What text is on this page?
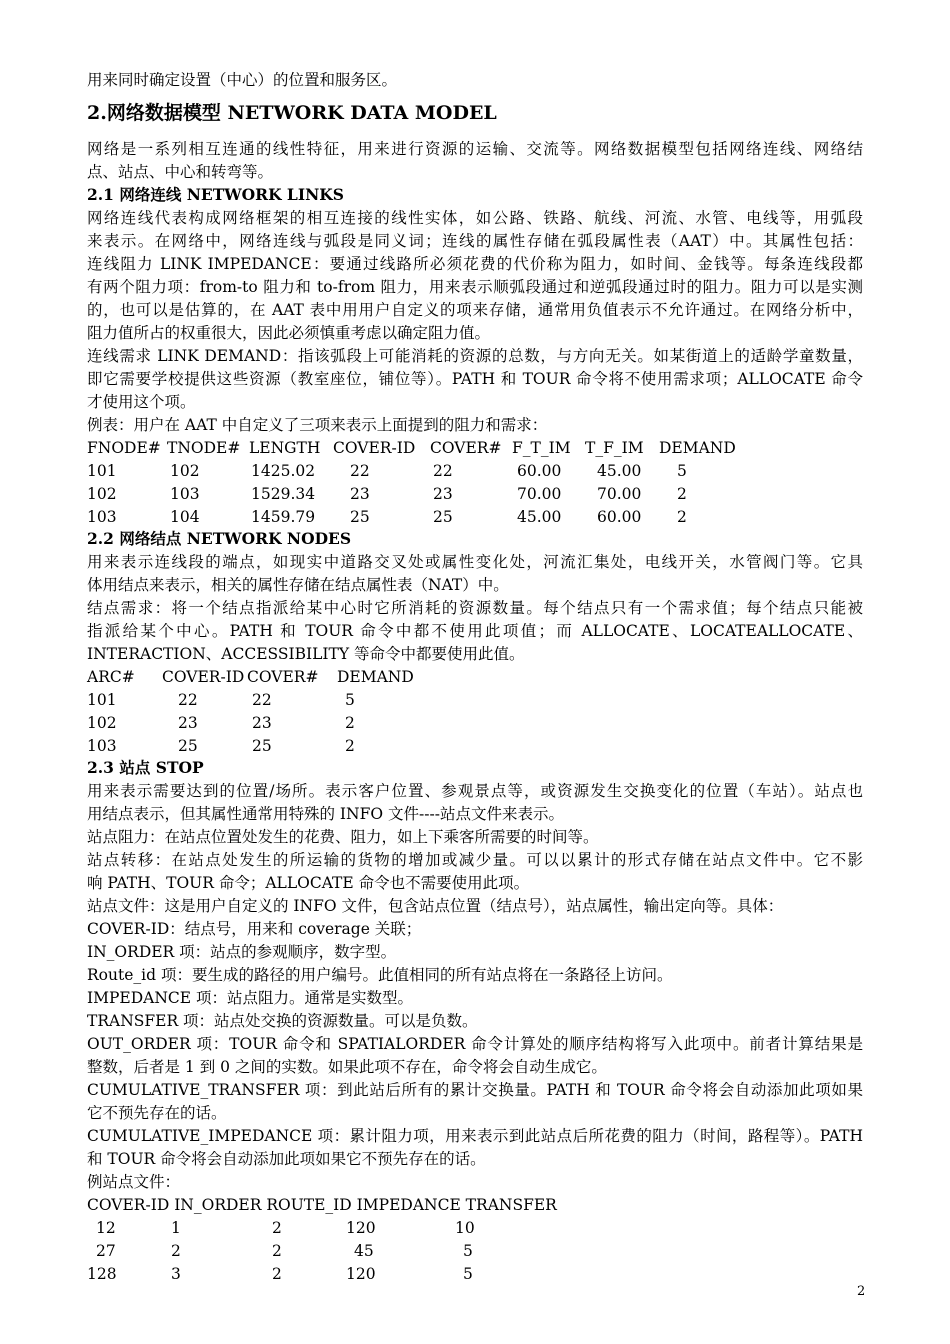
用来同时确定设置（中心）的位置和服务区。
2.网络数据模型 NETWORK DATA MODEL
网络是一系列相互连通的线性特征，用来进行资源的运输、交流等。网络数据模型包括网络连线、网络结
点、站点、中心和转弯等。
2.1 网络连线 NETWORK LINKS
网络连线代表构成网络框架的相互连接的线性实体，如公路、铁路、航线、河流、水管、电线等，用弧段
来表示。在网络中，网络连线与弧段是同义词；连线的属性存储在弧段属性表（AAT）中。其属性包括：
连线阻力 LINK IMPEDANCE：要通过线路所必须花费的代价称为阻力，如时间、金钱等。每条连线段都
有两个阻力项：from-to 阻力和 to-from 阻力，用来表示顺弧段通过和逆弧段通过时的阻力。阻力可以是实测
的，也可以是估算的，在 AAT 表中用用户自定义的项来存储，通常用负值表示不允许通过。在网络分析中，
阻力值所占的权重很大，因此必须慎重考虑以确定阻力值。
连线需求 LINK DEMAND：指该弧段上可能消耗的资源的总数，与方向无关。如某街道上的适龄学童数量，
即它需要学校提供这些资源（教室座位，铺位等）。PATH 和 TOUR 命令将不使用需求项；ALLOCATE 命令
才使用这个项。
例表：用户在 AAT 中自定义了三项来表示上面提到的阻力和需求：
FNODE# TNODE# LENGTH COVER-ID COVER# F_T_IM T_F_IM DEMAND
101	102	1425.02 22	22	60.00 45.00 5
102	103	1529.34 23	23	70.00 70.00 2
103	104	1459.79 25	25	45.00 60.00 2
2.2 网络结点 NETWORK NODES
用来表示连线段的端点，如现实中道路交叉处或属性变化处，河流汇集处，电线开关，水管阀门等。它具
体用结点来表示，相关的属性存储在结点属性表（NAT）中。
结点需求：将一个结点指派给某中心时它所消耗的资源数量。每个结点只有一个需求值；每个结点只能被
指派给某个中心。PATH 和 TOUR 命令中都不使用此项值；而 ALLOCATE、LOCATEALLOCATE、
INTERACTION、ACCESSIBILITY 等命令中都要使用此值。
ARC# COVER-ID COVER# DEMAND
101	22	22	5
102	23	23	2
103	25	25	2
2.3 站点 STOP
用来表示需要达到的位置/场所。表示客户位置、参观景点等，或资源发生交换变化的位置（车站）。站点也
用结点表示，但其属性通常用特殊的 INFO 文件----站点文件来表示。
站点阻力：在站点位置处发生的花费、阻力，如上下乘客所需要的时间等。
站点转移：在站点处发生的所运输的货物的增加或减少量。可以以累计的形式存储在站点文件中。它不影
响 PATH、TOUR 命令；ALLOCATE 命令也不需要使用此项。
站点文件：这是用户自定义的 INFO 文件，包含站点位置（结点号），站点属性，输出定向等。具体：
COVER-ID：结点号，用来和 coverage 关联；
IN_ORDER 项：站点的参观顺序，数字型。
Route_id 项：要生成的路径的用户编号。此值相同的所有站点将在一条路径上访问。
IMPEDANCE 项：站点阻力。通常是实数型。
TRANSFER 项：站点处交换的资源数量。可以是负数。
OUT_ORDER 项：TOUR 命令和 SPATIALORDER 命令计算处的顺序结构将写入此项中。前者计算结果是
整数，后者是 1 到 0 之间的实数。如果此项不存在，命令将会自动生成它。
CUMULATIVE_TRANSFER 项：到此站后所有的累计交换量。PATH 和 TOUR 命令将会自动添加此项如果
它不预先存在的话。
CUMULATIVE_IMPEDANCE 项：累计阻力项，用来表示到此站点后所花费的阻力（时间，路程等）。PATH
和 TOUR 命令将会自动添加此项如果它不预先存在的话。
例站点文件：
COVER-ID IN_ORDER ROUTE_ID IMPEDANCE TRANSFER
12	1	2	120	10
27	2	2	45	5
128	3	2	120	5
2
